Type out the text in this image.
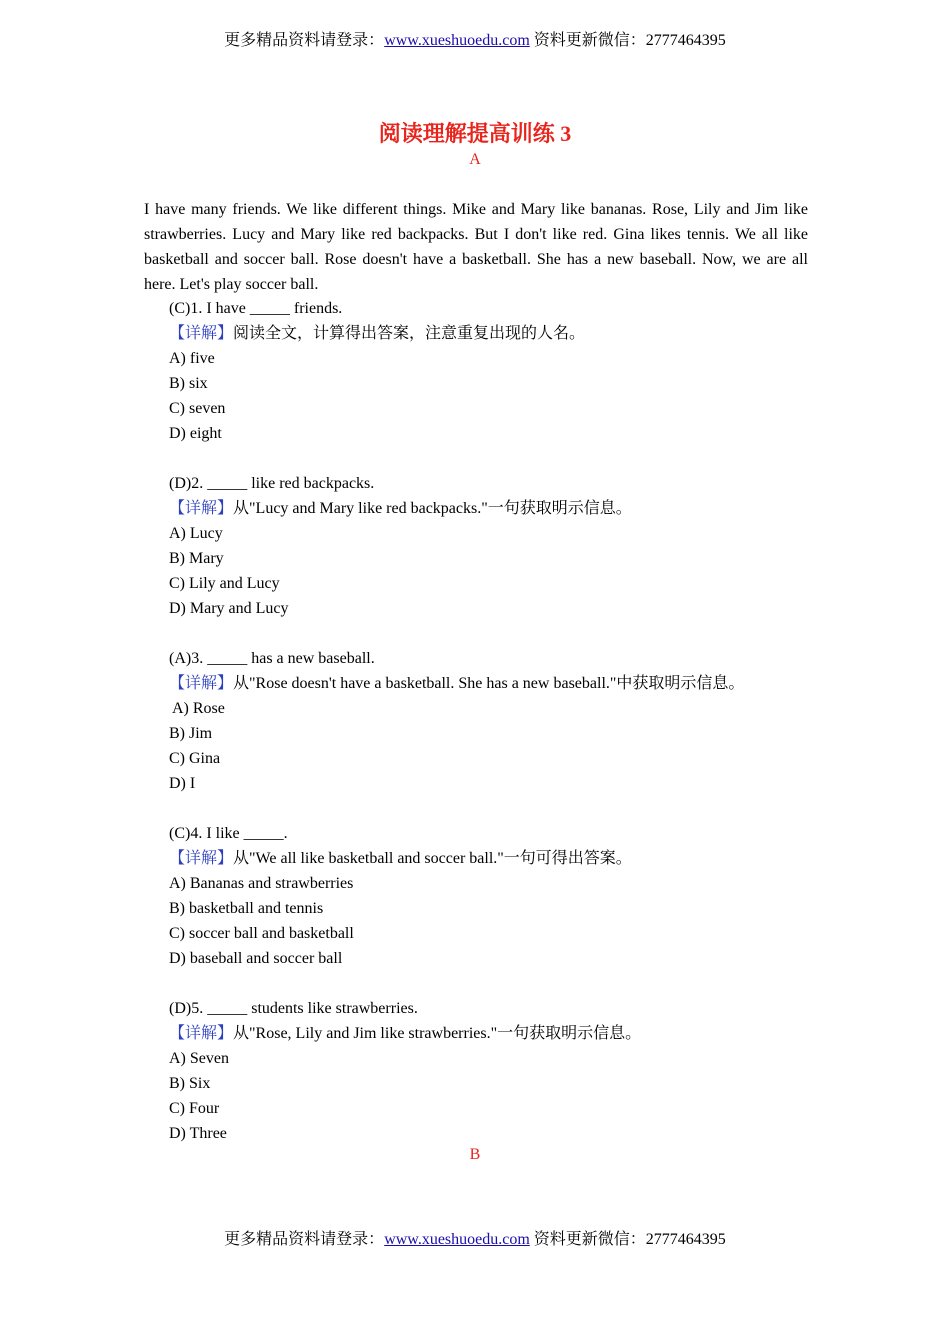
更多精品资料请登录：www.xueshuoedu.com 资料更新微信：2777464395
阅读理解提高训练 3
A
I have many friends. We like different things. Mike and Mary like bananas. Rose, Lily and Jim like strawberries. Lucy and Mary like red backpacks. But I don't like red. Gina likes tennis. We all like basketball and soccer ball. Rose doesn't have a basketball. She has a new baseball. Now, we are all here. Let's play soccer ball.
(C)1. I have _____ friends.
【详解】阅读全文，计算得出答案，注意重复出现的人名。
A) five
B) six
C) seven
D) eight
(D)2. _____ like red backpacks.
【详解】从"Lucy and Mary like red backpacks."一句获取明示信息。
A) Lucy
B) Mary
C) Lily and Lucy
D) Mary and Lucy
(A)3. _____ has a new baseball.
【详解】从"Rose doesn't have a basketball. She has a new baseball."中获取明示信息。
A) Rose
B) Jim
C) Gina
D) I
(C)4. I like _____.
【详解】从"We all like basketball and soccer ball."一句可得出答案。
A) Bananas and strawberries
B) basketball and tennis
C) soccer ball and basketball
D) baseball and soccer ball
(D)5. _____ students like strawberries.
【详解】从"Rose, Lily and Jim like strawberries."一句获取明示信息。
A) Seven
B) Six
C) Four
D) Three
B
更多精品资料请登录：www.xueshuoedu.com 资料更新微信：2777464395
